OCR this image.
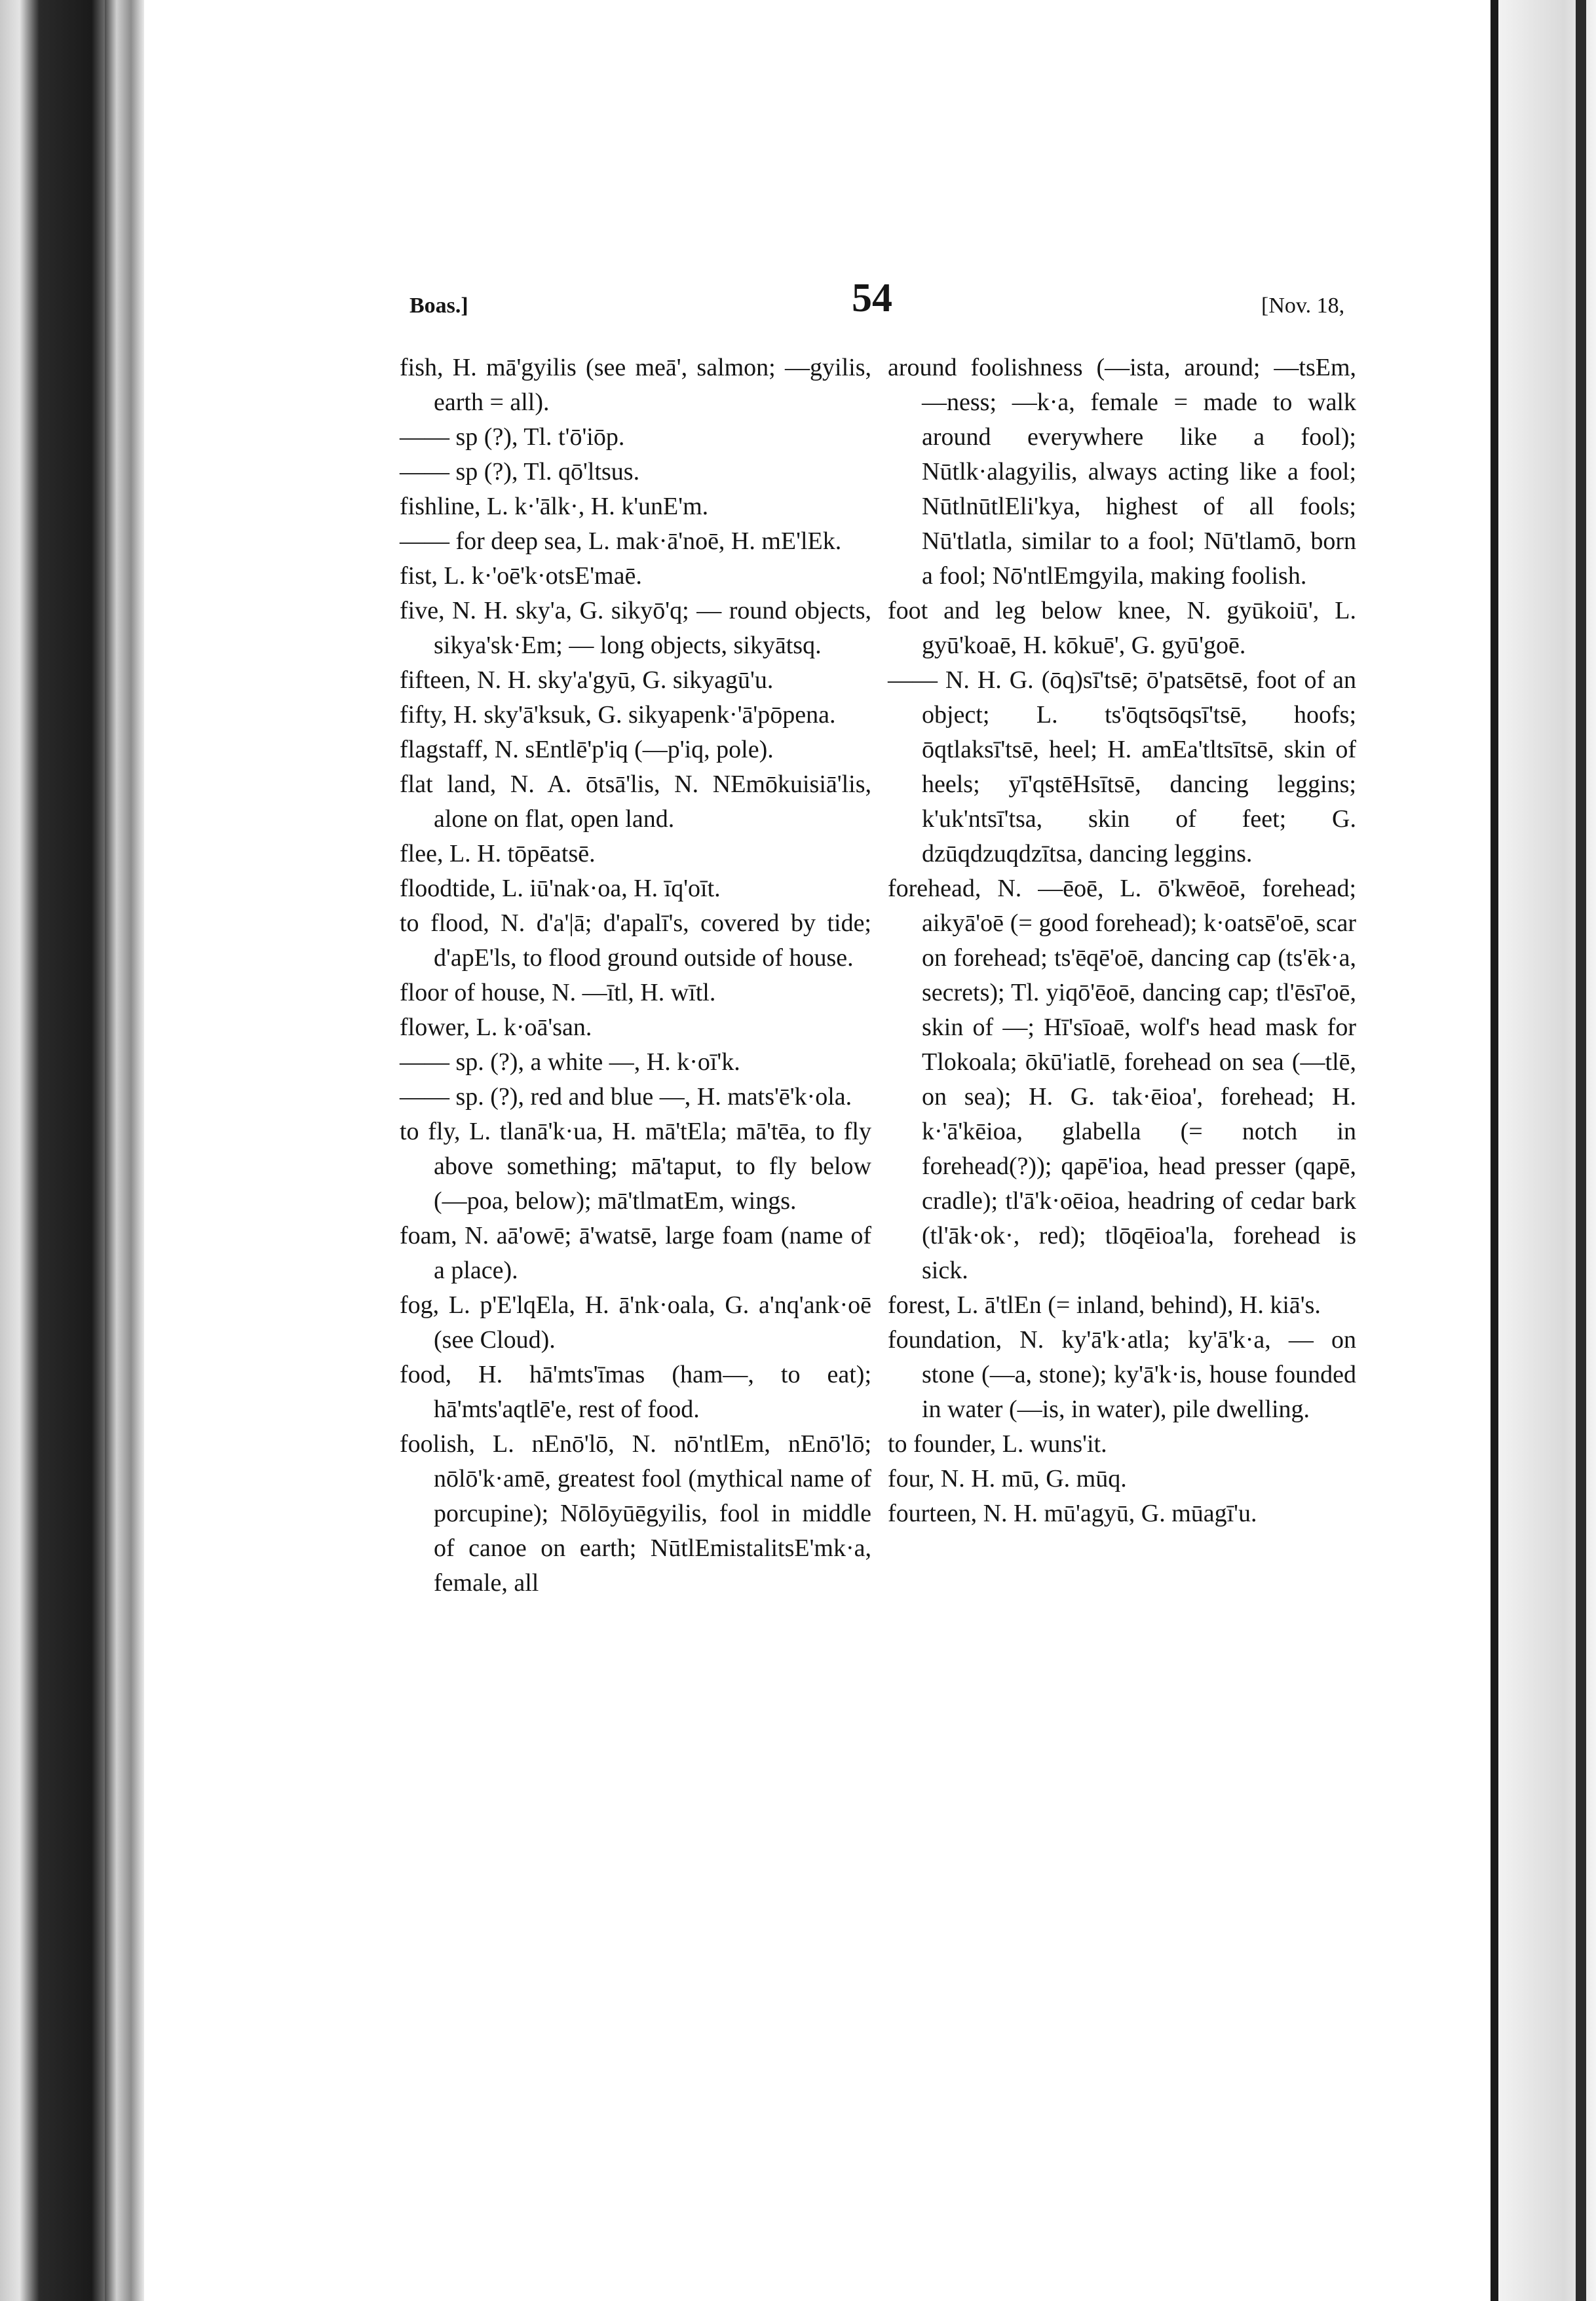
Boas.]	54	[Nov. 18,

fish, H. mā'gyilis (see meā', salmon; —gyilis, earth = all).

—— sp (?), Tl. t'ō'iōp.

—— sp (?), Tl. qō'ltsus.

fishline, L. k·'ālk·, H. k'unE'm.

—— for deep sea, L. mak·ā'noē, H. mE'lEk.

fist, L. k·'oē'k·otsE'maē.

five, N. H. sky'a, G. sikyō'q; — round objects, sikya'sk·Em; — long objects, sikyātsq.

fifteen, N. H. sky'a'gyū, G. sikyagū'u.

fifty, H. sky'ā'ksuk, G. sikyapenk·'ā'pōpena.

flagstaff, N. sEntlē'p'iq (—p'iq, pole).

flat land, N. A. ōtsā'lis, N. NEmōkuisiā'lis, alone on flat, open land.

flee, L. H. tōpēatsē.

floodtide, L. iū'nak·oa, H. īq'oīt.

to flood, N. d'a'|ā; d'apalī's, covered by tide; d'apE'ls, to flood ground outside of house.

floor of house, N. —ītl, H. wītl.

flower, L. k·oā'san.

—— sp. (?), a white —, H. k·oī'k.

—— sp. (?), red and blue —, H. mats'ē'k·ola.

to fly, L. tlanā'k·ua, H. mā'tEla; mā'tēa, to fly above something; mā'taput, to fly below (—poa, below); mā'tlmatEm, wings.

foam, N. aā'owē; ā'watsē, large foam (name of a place).

fog, L. p'E'lqEla, H. ā'nk·oala, G. a'nq'ank·oē (see Cloud).

food, H. hā'mts'īmas (ham—, to eat); hā'mts'aqtlē'e, rest of food.

foolish, L. nEnō'lō, N. nō'ntlEm, nEnō'lō; nōlō'k·amē, greatest fool (mythical name of porcupine); Nōlōyūēgyilis, fool in middle of canoe on earth; NūtlEmistalitsE'mk·a, female, all

around foolishness (—ista, around; —tsEm, —ness; —k·a, female = made to walk around everywhere like a fool); Nūtlk·alagyilis, always acting like a fool; NūtlnūtlEli'kya, highest of all fools; Nū'tlatla, similar to a fool; Nū'tlamō, born a fool; Nō'ntlEmgyila, making foolish.

foot and leg below knee, N. gyūkoiū', L. gyū'koaē, H. kōkuē', G. gyū'goē.

—— N. H. G. (ōq)sī'tsē; ō'patsētsē, foot of an object; L. ts'ōqtsōqsī'tsē, hoofs; ōqtlaksī'tsē, heel; H. amEa'tltsītsē, skin of heels; yī'qstēHsītsē, dancing leggins; k'uk'ntsī'tsa, skin of feet; G. dzūqdzuqdzītsa, dancing leggins.

forehead, N. —ēoē, L. ō'kwēoē, forehead; aikyā'oē (= good forehead); k·oatsē'oē, scar on forehead; ts'ēqē'oē, dancing cap (ts'ēk·a, secrets); Tl. yiqō'ēoē, dancing cap; tl'ēsī'oē, skin of —; Hī'sīoaē, wolf's head mask for Tlokoala; ōkū'iatlē, forehead on sea (—tlē, on sea); H. G. tak·ēioa', forehead; H. k·'ā'kēioa, glabella (= notch in forehead(?)); qapē'ioa, head presser (qapē, cradle); tl'ā'k·oēioa, headring of cedar bark (tl'āk·ok·, red); tlōqēioa'la, forehead is sick.

forest, L. ā'tlEn (= inland, behind), H. kiā's.

foundation, N. ky'ā'k·atla; ky'ā'k·a, — on stone (—a, stone); ky'ā'k·is, house founded in water (—is, in water), pile dwelling.

to founder, L. wuns'it.

four, N. H. mū, G. mūq.

fourteen, N. H. mū'agyū, G. mūagī'u.
